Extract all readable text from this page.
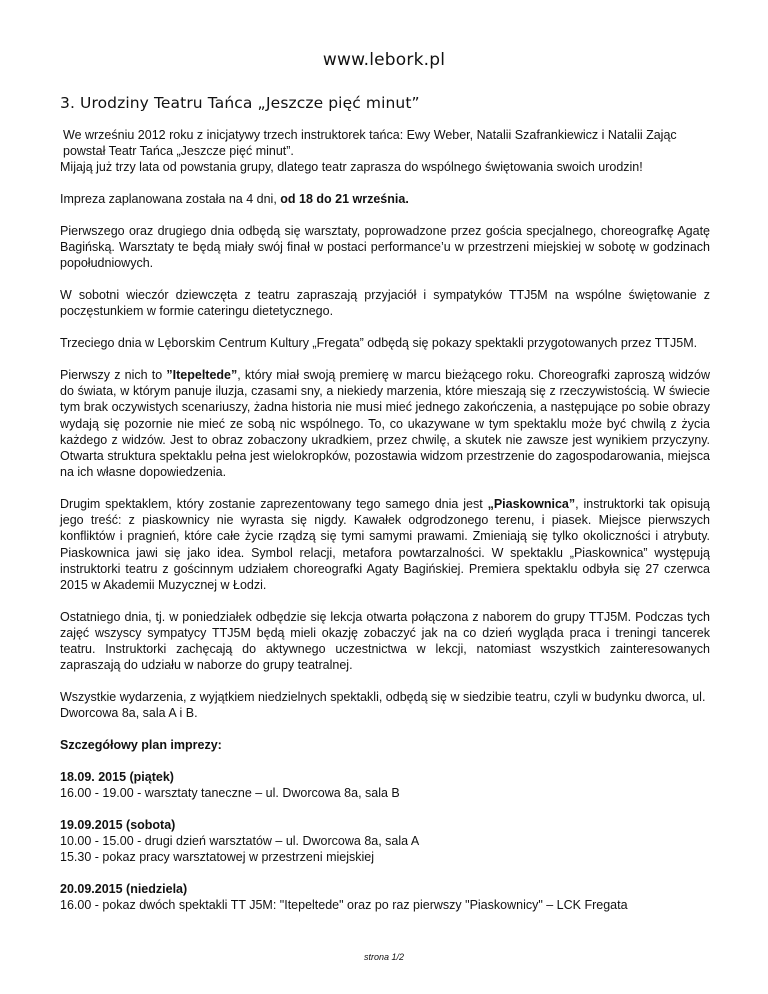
www.lebork.pl
3. Urodziny Teatru Tańca „Jeszcze pięć minut”

We wrześniu 2012 roku z inicjatywy trzech instruktorek tańca: Ewy Weber, Natalii Szafrankiewicz i Natalii Zając powstał Teatr Tańca „Jeszcze pięć minut”.
Mijają już trzy lata od powstania grupy, dlatego teatr zaprasza do wspólnego świętowania swoich urodzin!

Impreza zaplanowana została na 4 dni, od 18 do 21 września.

Pierwszego oraz drugiego dnia odbędą się warsztaty, poprowadzone przez gościa specjalnego, choreografkę Agatę Bagińską. Warsztaty te będą miały swój finał w postaci performance’u w przestrzeni miejskiej w sobotę w godzinach popołudniowych.

W sobotni wieczór dziewczęta z teatru zapraszają przyjaciół i sympatyków TTJ5M na wspólne świętowanie z poczęstunkiem w formie cateringu dietetycznego.

Trzeciego dnia w Lęborskim Centrum Kultury „Fregata” odbędą się pokazy spektakli przygotowanych przez TTJ5M.

Pierwszy z nich to ”Itepeltede”, który miał swoją premierę w marcu bieżącego roku. Choreografki zaproszą widzów do świata, w którym panuje iluzja, czasami sny, a niekiedy marzenia, które mieszają się z rzeczywistością. W świecie tym brak oczywistych scenariuszy, żadna historia nie musi mieć jednego zakończenia, a następujące po sobie obrazy wydają się pozornie nie mieć ze sobą nic wspólnego. To, co ukazywane w tym spektaklu może być chwilą z życia każdego z widzów. Jest to obraz zobaczony ukradkiem, przez chwilę, a skutek nie zawsze jest wynikiem przyczyny. Otwarta struktura spektaklu pełna jest wielokropków, pozostawia widzom przestrzenie do zagospodarowania, miejsca na ich własne dopowiedzenia.

Drugim spektaklem, który zostanie zaprezentowany tego samego dnia jest „Piaskownica”, instruktorki tak opisują jego treść: z piaskownicy nie wyrasta się nigdy. Kawałek odgrodzonego terenu, i piasek. Miejsce pierwszych konfliktów i pragnień, które całe życie rządzą się tymi samymi prawami. Zmieniają się tylko okoliczności i atrybuty. Piaskownica jawi się jako idea. Symbol relacji, metafora powtarzalności. W spektaklu „Piaskownica” występują instruktorki teatru z gościnnym udziałem choreografki Agaty Bagińskiej. Premiera spektaklu odbyła się 27 czerwca 2015 w Akademii Muzycznej w Łodzi.

Ostatniego dnia, tj. w poniedziałek odbędzie się lekcja otwarta połączona z naborem do grupy TTJ5M. Podczas tych zajęć wszyscy sympatycy TTJ5M będą mieli okazję zobaczyć jak na co dzień wygląda praca i treningi tancerek teatru. Instruktorki zachęcają do aktywnego uczestnictwa w lekcji, natomiast wszystkich zainteresowanych zapraszają do udziału w naborze do grupy teatralnej.

Wszystkie wydarzenia, z wyjątkiem niedzielnych spektakli, odbędą się w siedzibie teatru, czyli w budynku dworca, ul. Dworcowa 8a, sala A i B.

Szczegółowy plan imprezy:

18.09. 2015 (piątek)
16.00 - 19.00 - warsztaty taneczne – ul. Dworcowa 8a, sala B

19.09.2015 (sobota)
10.00 - 15.00 - drugi dzień warsztatów – ul. Dworcowa 8a, sala A
15.30 - pokaz pracy warsztatowej w przestrzeni miejskiej

20.09.2015 (niedziela)
16.00 - pokaz dwóch spektakli TT J5M: "Itepeltede" oraz po raz pierwszy "Piaskownicy" – LCK Fregata

strona 1/2
